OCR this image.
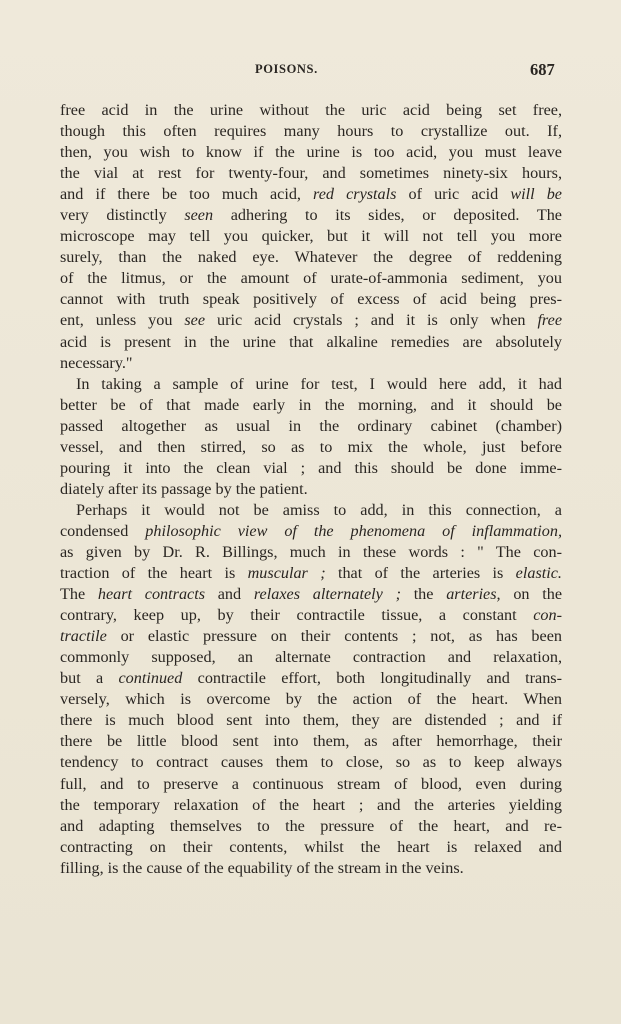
POISONS.	687
free acid in the urine without the uric acid being set free,
though this often requires many hours to crystallize out. If,
then, you wish to know if the urine is too acid, you must leave
the vial at rest for twenty-four, and sometimes ninety-six hours,
and if there be too much acid, red crystals of uric acid will be
very distinctly seen adhering to its sides, or deposited. The
microscope may tell you quicker, but it will not tell you more
surely, than the naked eye. Whatever the degree of reddening
of the litmus, or the amount of urate-of-ammonia sediment, you
cannot with truth speak positively of excess of acid being pres-
ent, unless you see uric acid crystals ; and it is only when free
acid is present in the urine that alkaline remedies are absolutely
necessary."
In taking a sample of urine for test, I would here add, it had
better be of that made early in the morning, and it should be
passed altogether as usual in the ordinary cabinet (chamber)
vessel, and then stirred, so as to mix the whole, just before
pouring it into the clean vial ; and this should be done imme-
diately after its passage by the patient.
Perhaps it would not be amiss to add, in this connection, a
condensed philosophic view of the phenomena of inflammation,
as given by Dr. R. Billings, much in these words : " The con-
traction of the heart is muscular ; that of the arteries is elastic.
The heart contracts and relaxes alternately ; the arteries, on the
contrary, keep up, by their contractile tissue, a constant con-
tractile or elastic pressure on their contents ; not, as has been
commonly supposed, an alternate contraction and relaxation,
but a continued contractile effort, both longitudinally and trans-
versely, which is overcome by the action of the heart. When
there is much blood sent into them, they are distended ; and if
there be little blood sent into them, as after hemorrhage, their
tendency to contract causes them to close, so as to keep always
full, and to preserve a continuous stream of blood, even during
the temporary relaxation of the heart ; and the arteries yielding
and adapting themselves to the pressure of the heart, and re-
contracting on their contents, whilst the heart is relaxed and
filling, is the cause of the equability of the stream in the veins.
